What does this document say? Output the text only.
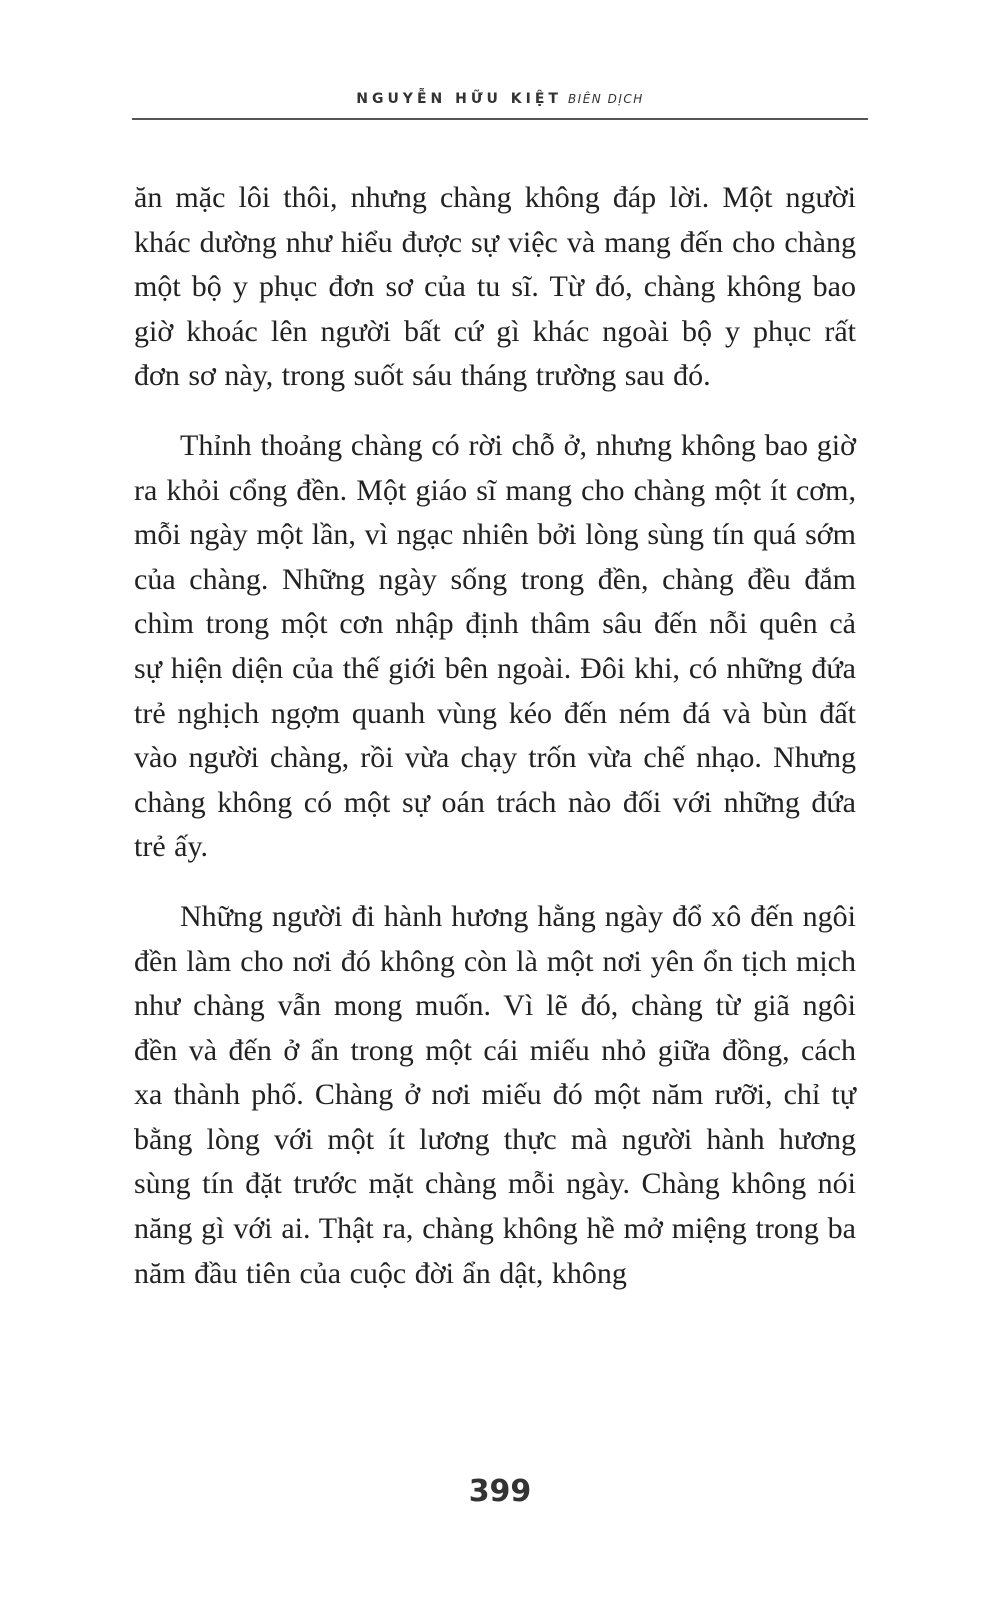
NGUYỄN HỮU KIỆT BIÊN DỊCH

ăn mặc lôi thôi, nhưng chàng không đáp lời. Một người khác dường như hiểu được sự việc và mang đến cho chàng một bộ y phục đơn sơ của tu sĩ. Từ đó, chàng không bao giờ khoác lên người bất cứ gì khác ngoài bộ y phục rất đơn sơ này, trong suốt sáu tháng trường sau đó.

Thỉnh thoảng chàng có rời chỗ ở, nhưng không bao giờ ra khỏi cổng đền. Một giáo sĩ mang cho chàng một ít cơm, mỗi ngày một lần, vì ngạc nhiên bởi lòng sùng tín quá sớm của chàng. Những ngày sống trong đền, chàng đều đắm chìm trong một cơn nhập định thâm sâu đến nỗi quên cả sự hiện diện của thế giới bên ngoài. Đôi khi, có những đứa trẻ nghịch ngợm quanh vùng kéo đến ném đá và bùn đất vào người chàng, rồi vừa chạy trốn vừa chế nhạo. Nhưng chàng không có một sự oán trách nào đối với những đứa trẻ ấy.

Những người đi hành hương hằng ngày đổ xô đến ngôi đền làm cho nơi đó không còn là một nơi yên ổn tịch mịch như chàng vẫn mong muốn. Vì lẽ đó, chàng từ giã ngôi đền và đến ở ẩn trong một cái miếu nhỏ giữa đồng, cách xa thành phố. Chàng ở nơi miếu đó một năm rưỡi, chỉ tự bằng lòng với một ít lương thực mà người hành hương sùng tín đặt trước mặt chàng mỗi ngày. Chàng không nói năng gì với ai. Thật ra, chàng không hề mở miệng trong ba năm đầu tiên của cuộc đời ẩn dật, không

399
